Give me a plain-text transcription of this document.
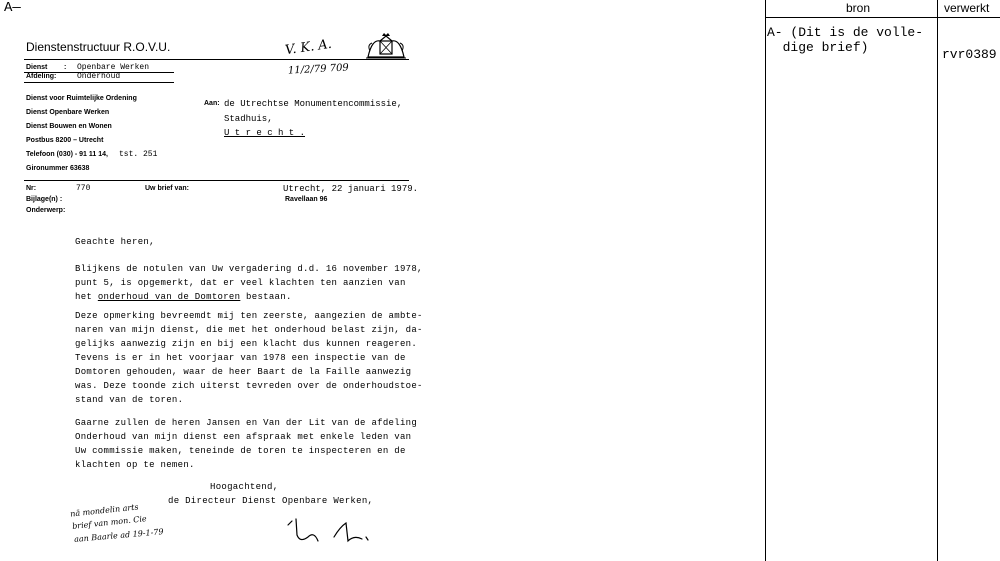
A—
Dienstenstructuur R.O.V.U.	V. K. A.
11/2/79 709
Dienst : Openbare Werken
Afdeling:	Onderhoud
Dienst voor Ruimtelijke Ordening
Dienst Openbare Werken
Dienst Bouwen en Wonen
Postbus 8200 – Utrecht
Telefoon (030) - 91 11 14, tst. 251
Gironummer 63638
Aan: de Utrechtse Monumentencommissie,
Stadhuis,
U t r e c h t .
Nr:	770	Uw brief van:	Utrecht, 22 januari 1979.
Ravellaan 96
Bijlage(n) :
Onderwerp:
Geachte heren,
Blijkens de notulen van Uw vergadering d.d. 16 november 1978,
punt 5, is opgemerkt, dat er veel klachten ten aanzien van
het onderhoud van de Domtoren bestaan.
Deze opmerking bevreemdt mij ten zeerste, aangezien de ambte-
naren van mijn dienst, die met het onderhoud belast zijn, da-
gelijks aanwezig zijn en bij een klacht dus kunnen reageren.
Tevens is er in het voorjaar van 1978 een inspectie van de
Domtoren gehouden, waar de heer Baart de la Faille aanwezig
was. Deze toonde zich uiterst tevreden over de onderhoudstoe-
stand van de toren.
Gaarne zullen de heren Jansen en Van der Lit van de afdeling
Onderhoud van mijn dienst een afspraak met enkele leden van
Uw commissie maken, teneinde de toren te inspecteren en de
klachten op te nemen.
Hoogachtend,
de Directeur Dienst Openbare Werken,
nä mondelin arts
brief van mon. Cie
aan Baarle ad 19-1-79
bron	verwerkt
A- (Dit is de volle-
dige brief)	rvr0389
